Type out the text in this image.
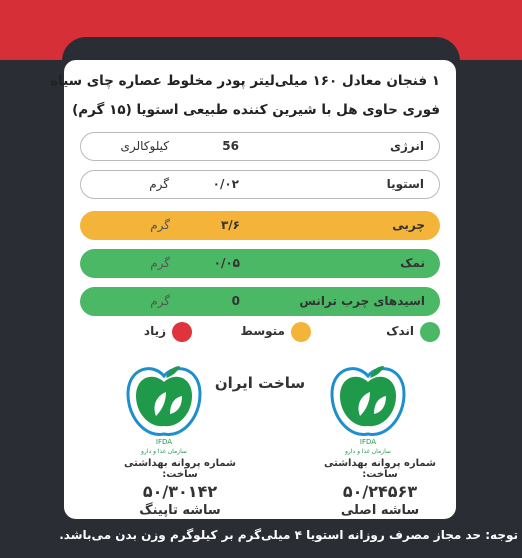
۱ فنجان معادل ۱۶۰ میلی‌لیتر پودر مخلوط عصاره چای سیاه
فوری حاوی هل با شیرین کننده طبیعی استویا (۱۵ گرم)
انرژی
56
کیلوکالری
استویا
۰/۰۲
گرم
چربی
۳/۶
گرم
نمک
۰/۰۵
گرم
اسیدهای چرب ترانس
0
گرم
اندک
متوسط
زیاد
ساخت ایران
IFDA
سازمان غذا و دارو
IFDA
سازمان غذا و دارو
شماره پروانه بهداشتی ساخت:
۵۰/۲۴۵۶۳
ساشه اصلی
شماره پروانه بهداشتی ساخت:
۵۰/۳۰۱۴۲
ساشه تاپینگ
توجه: حد مجاز مصرف روزانه استویا ۴ میلی‌گرم بر کیلوگرم وزن بدن می‌باشد.
